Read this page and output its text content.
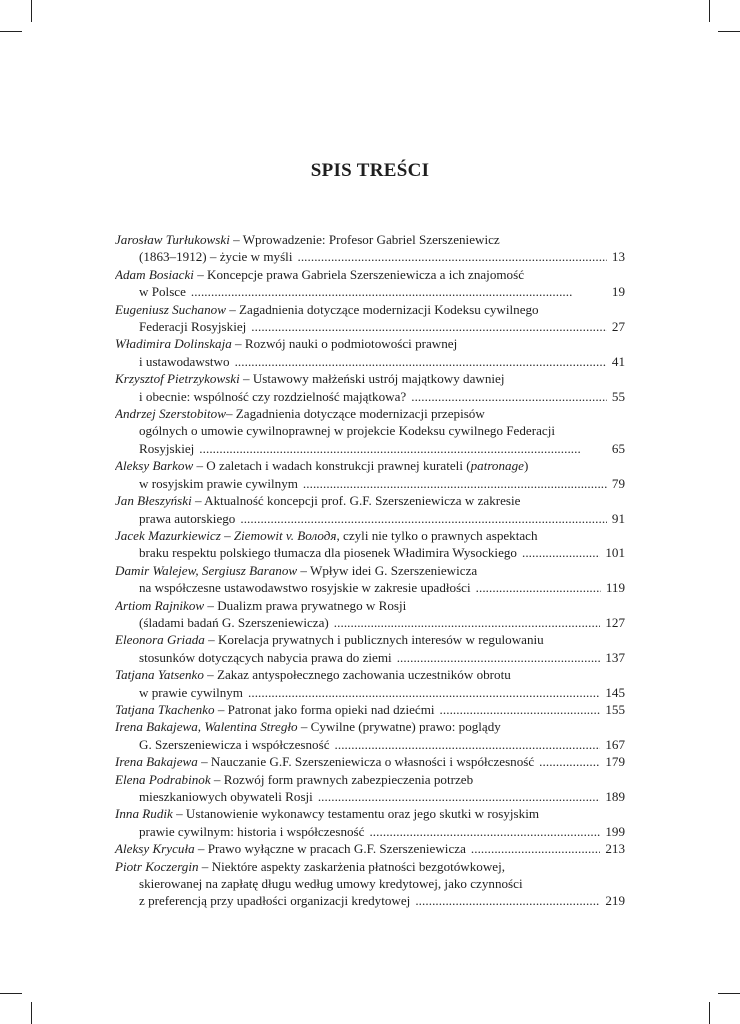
SPIS TREŚCI
Jarosław Turłukowski – Wprowadzenie: Profesor Gabriel Szerszeniewicz
(1863–1912) – życie w myśli . . .	13
Adam Bosiacki – Koncepcje prawa Gabriela Szerszeniewicza a ich znajomość
w Polsce . . .	19
Eugeniusz Suchanow – Zagadnienia dotyczące modernizacji Kodeksu cywilnego
Federacji Rosyjskiej . . .	27
Władimira Dolinskaja – Rozwój nauki o podmiotowości prawnej
i ustawodawstwo . . .	41
Krzysztof Pietrzykowski – Ustawowy małżeński ustrój majątkowy dawniej
i obecnie: wspólność czy rozdzielność majątkowa? . . .	55
Andrzej Szerstobitow– Zagadnienia dotyczące modernizacji przepisów
ogólnych o umowie cywilnoprawnej w projekcie Kodeksu cywilnego Federacji
Rosyjskiej . . .	65
Aleksy Barkow – O zaletach i wadach konstrukcji prawnej kurateli (patronage)
w rosyjskim prawie cywilnym . . .	79
Jan Błeszyński – Aktualność koncepcji prof. G.F. Szerszeniewicza w zakresie
prawa autorskiego . . .	91
Jacek Mazurkiewicz – Ziemowit v. Володя, czyli nie tylko o prawnych aspektach
braku respektu polskiego tłumacza dla piosenek Władimira Wysockiego . . .	101
Damir Walejew, Sergiusz Baranow – Wpływ idei G. Szerszeniewicza
na współczesne ustawodawstwo rosyjskie w zakresie upadłości . . .	119
Artiom Rajnikow – Dualizm prawa prywatnego w Rosji
(śladami badań G. Szerszeniewicza) . . .	127
Eleonora Griada – Korelacja prywatnych i publicznych interesów w regulowaniu
stosunków dotyczących nabycia prawa do ziemi . . .	137
Tatjana Yatsenko – Zakaz antyspołecznego zachowania uczestników obrotu
w prawie cywilnym . . .	145
Tatjana Tkachenko – Patronat jako forma opieki nad dziećmi . . .	155
Irena Bakajewa, Walentina Stregło – Cywilne (prywatne) prawo: poglądy
G. Szerszeniewicza i współczesność . . .	167
Irena Bakajewa – Nauczanie G.F. Szerszeniewicza o własności i współczesność . . .	179
Elena Podrabinok – Rozwój form prawnych zabezpieczenia potrzeb
mieszkaniowych obywateli Rosji . . .	189
Inna Rudik – Ustanowienie wykonawcy testamentu oraz jego skutki w rosyjskim
prawie cywilnym: historia i współczesność . . .	199
Aleksy Krycuła – Prawo wyłączne w pracach G.F. Szerszeniewicza . . .	213
Piotr Koczergin – Niektóre aspekty zaskarżenia płatności bezgotówkowej,
skierowanej na zapłatę długu według umowy kredytowej, jako czynności
z preferencją przy upadłości organizacji kredytowej . . .	219
